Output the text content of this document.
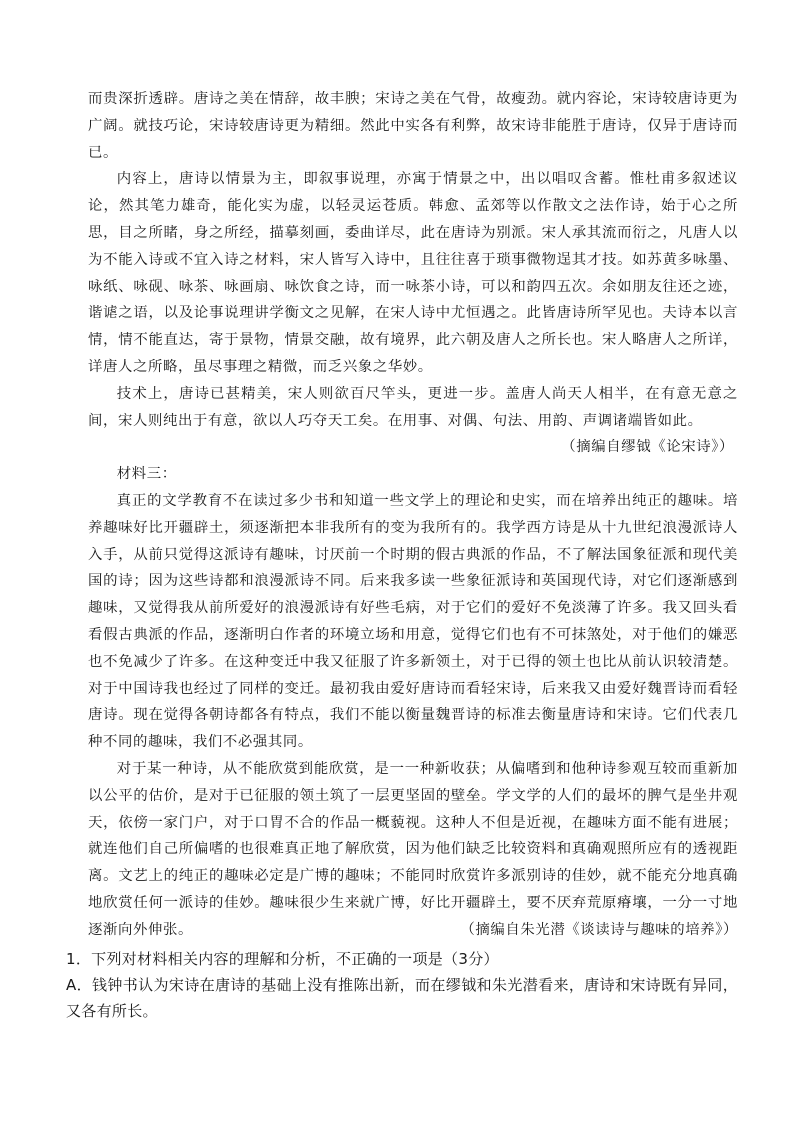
而贵深折透辟。唐诗之美在情辞，故丰腴；宋诗之美在气骨，故瘦劲。就内容论，宋诗较唐诗更为广阔。就技巧论，宋诗较唐诗更为精细。然此中实各有利弊，故宋诗非能胜于唐诗，仅异于唐诗而已。

内容上，唐诗以情景为主，即叙事说理，亦寓于情景之中，出以唱叹含蓄。惟杜甫多叙述议论，然其笔力雄奇，能化实为虚，以轻灵运苍质。韩愈、孟郊等以作散文之法作诗，始于心之所思，目之所睹，身之所经，描摹刻画，委曲详尽，此在唐诗为别派。宋人承其流而衍之，凡唐人以为不能入诗或不宜入诗之材料，宋人皆写入诗中，且往往喜于琐事微物逞其才技。如苏黄多咏墨、咏纸、咏砚、咏茶、咏画扇、咏饮食之诗，而一咏茶小诗，可以和韵四五次。余如朋友往还之迹，谐谑之语，以及论事说理讲学衡文之见解，在宋人诗中尤恒遇之。此皆唐诗所罕见也。夫诗本以言情，情不能直达，寄于景物，情景交融，故有境界，此六朝及唐人之所长也。宋人略唐人之所详，详唐人之所略，虽尽事理之精微，而乏兴象之华妙。

技术上，唐诗已甚精美，宋人则欲百尺竿头，更进一步。盖唐人尚天人相半，在有意无意之间，宋人则纯出于有意，欲以人巧夺天工矣。在用事、对偶、句法、用韵、声调诸端皆如此。

（摘编自缪钺《论宋诗》）

材料三：

真正的文学教育不在读过多少书和知道一些文学上的理论和史实，而在培养出纯正的趣味。培养趣味好比开疆辟土，须逐渐把本非我所有的变为我所有的。我学西方诗是从十九世纪浪漫派诗人入手，从前只觉得这派诗有趣味，讨厌前一个时期的假古典派的作品，不了解法国象征派和现代美国的诗；因为这些诗都和浪漫派诗不同。后来我多读一些象征派诗和英国现代诗，对它们逐渐感到趣味，又觉得我从前所爱好的浪漫派诗有好些毛病，对于它们的爱好不免淡薄了许多。我又回头看看假古典派的作品，逐渐明白作者的环境立场和用意，觉得它们也有不可抹煞处，对于他们的嫌恶也不免减少了许多。在这种变迁中我又征服了许多新领土，对于已得的领土也比从前认识较清楚。对于中国诗我也经过了同样的变迁。最初我由爱好唐诗而看轻宋诗，后来我又由爱好魏晋诗而看轻唐诗。现在觉得各朝诗都各有特点，我们不能以衡量魏晋诗的标准去衡量唐诗和宋诗。它们代表几种不同的趣味，我们不必强其同。

对于某一种诗，从不能欣赏到能欣赏，是一一种新收获；从偏嗜到和他种诗参观互较而重新加以公平的估价，是对于已征服的领土筑了一层更坚固的壁垒。学文学的人们的最坏的脾气是坐井观天，依傍一家门户，对于口胃不合的作品一概藐视。这种人不但是近视，在趣味方面不能有进展；就连他们自己所偏嗜的也很难真正地了解欣赏，因为他们缺乏比较资料和真确观照所应有的透视距离。文艺上的纯正的趣味必定是广博的趣味；不能同时欣赏许多派别诗的佳妙，就不能充分地真确地欣赏任何一派诗的佳妙。趣味很少生来就广博，好比开疆辟土，要不厌弃荒原瘠壤，一分一寸地逐渐向外伸张。	（摘编自朱光潜《谈读诗与趣味的培养》）

1．下列对材料相关内容的理解和分析，不正确的一项是（3分）

A．钱钟书认为宋诗在唐诗的基础上没有推陈出新，而在缪钺和朱光潜看来，唐诗和宋诗既有异同，又各有所长。
